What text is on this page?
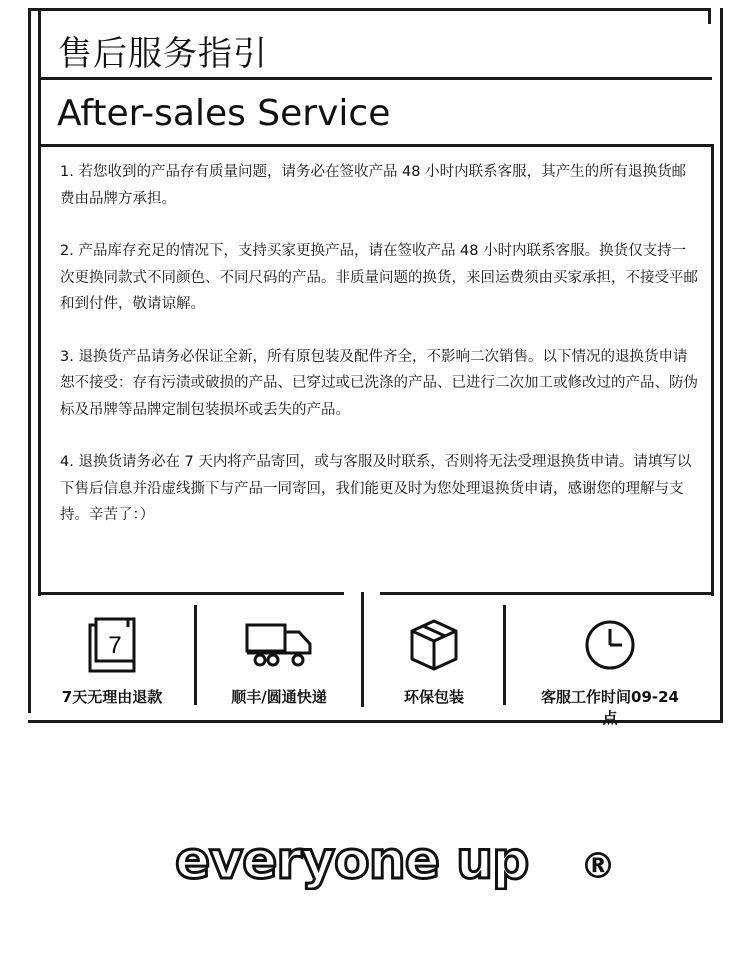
售后服务指引
After-sales Service

1. 若您收到的产品存有质量问题，请务必在签收产品 48 小时内联系客服，其产生的所有退换货邮费由品牌方承担。

2. 产品库存充足的情况下，支持买家更换产品，请在签收产品 48 小时内联系客服。换货仅支持一次更换同款式不同颜色、不同尺码的产品。非质量问题的换货，来回运费须由买家承担，不接受平邮和到付件，敬请谅解。

3. 退换货产品请务必保证全新，所有原包装及配件齐全，不影响二次销售。以下情况的退换货申请恕不接受：存有污渍或破损的产品、已穿过或已洗涤的产品、已进行二次加工或修改过的产品、防伪标及吊牌等品牌定制包装损坏或丢失的产品。

4. 退换货请务必在 7 天内将产品寄回，或与客服及时联系，否则将无法受理退换货申请。请填写以下售后信息并沿虚线撕下与产品一同寄回，我们能更及时为您处理退换货申请，感谢您的理解与支持。辛苦了：）

7
7天无理由退款	顺丰/圆通快递	环保包装	客服工作时间09-24点
everyone up ®
